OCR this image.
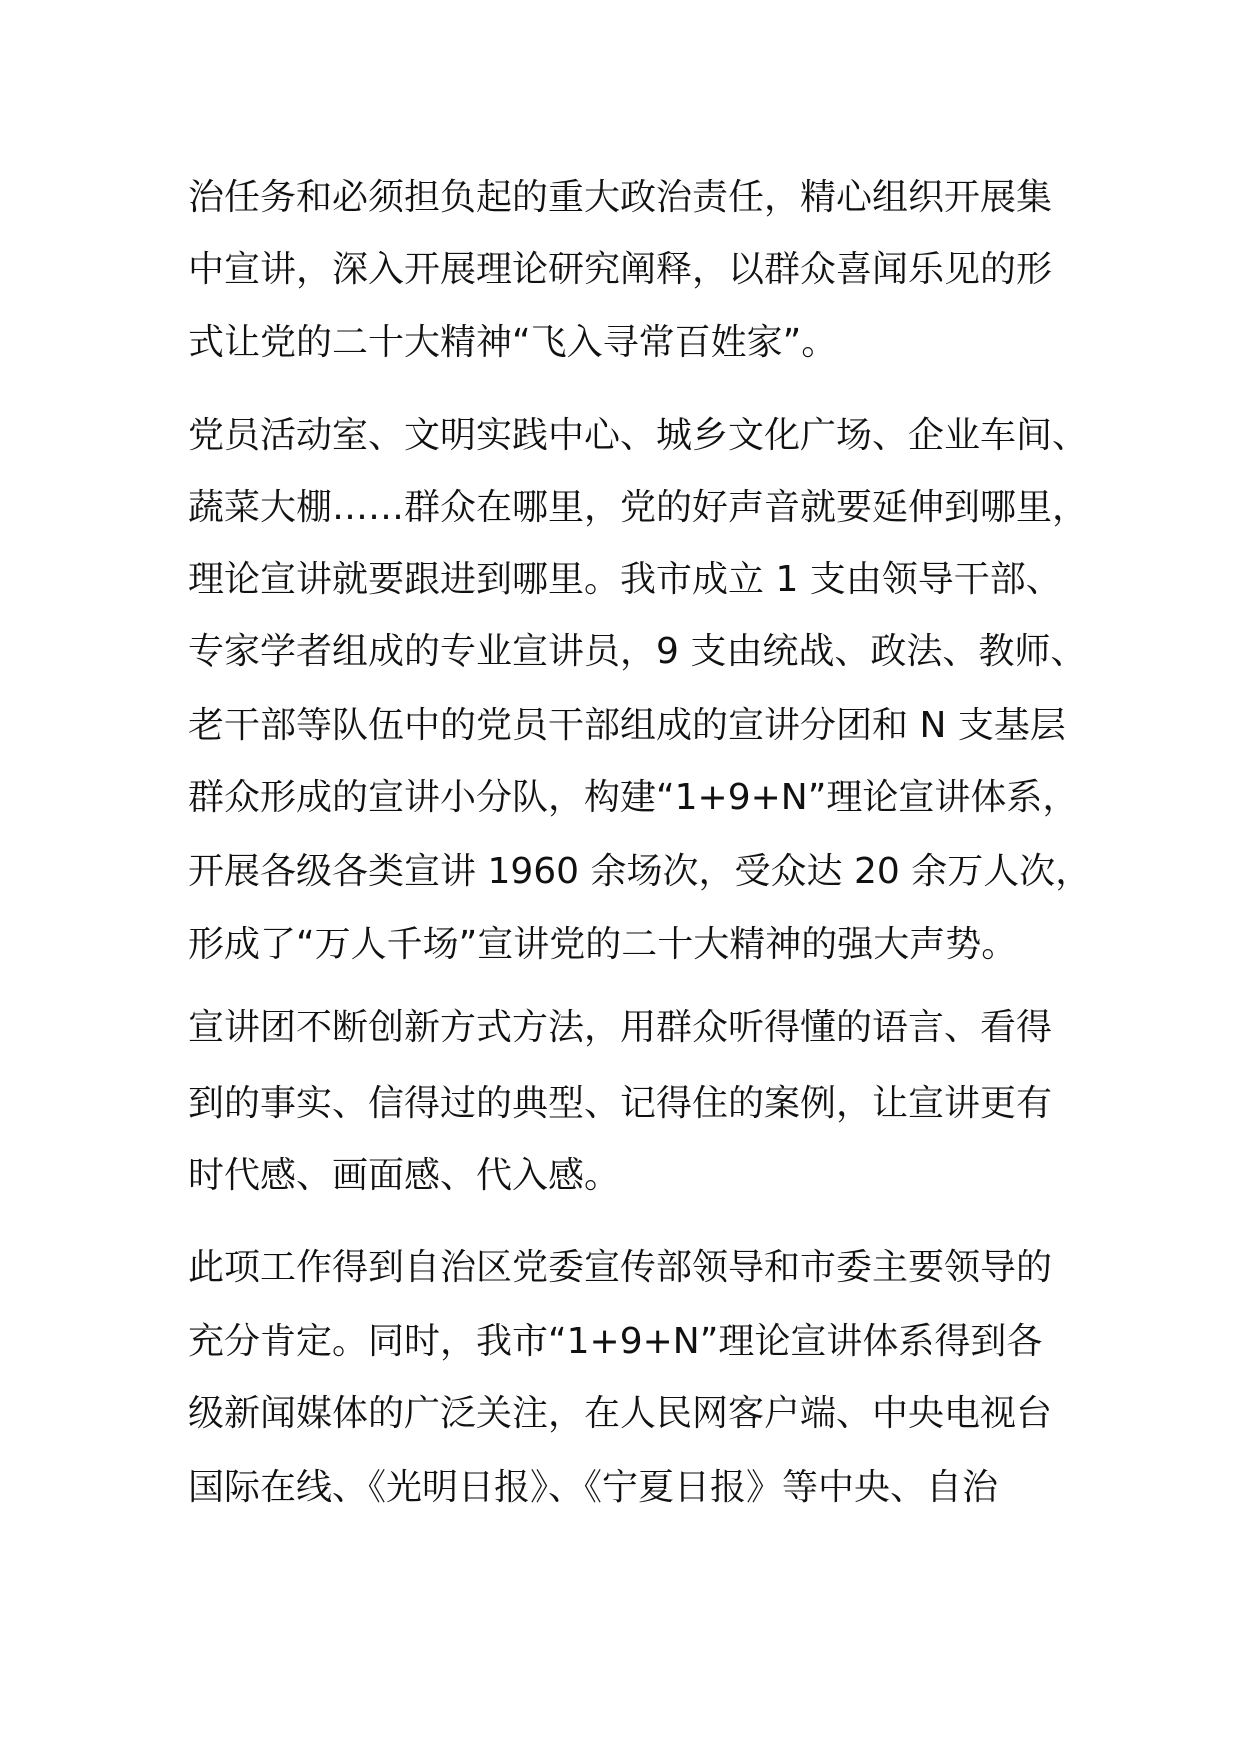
治任务和必须担负起的重大政治责任，精心组织开展集

中宣讲，深入开展理论研究阐释，以群众喜闻乐见的形

式让党的二十大精神“飞入寻常百姓家”。

党员活动室、文明实践中心、城乡文化广场、企业车间、

蔬菜大棚……群众在哪里，党的好声音就要延伸到哪里，

理论宣讲就要跟进到哪里。我市成立 1 支由领导干部、

专家学者组成的专业宣讲员，9 支由统战、政法、教师、

老干部等队伍中的党员干部组成的宣讲分团和 N 支基层

群众形成的宣讲小分队，构建“1+9+N”理论宣讲体系，

开展各级各类宣讲 1960 余场次，受众达 20 余万人次，

形成了“万人千场”宣讲党的二十大精神的强大声势。

宣讲团不断创新方式方法，用群众听得懂的语言、看得

到的事实、信得过的典型、记得住的案例，让宣讲更有

时代感、画面感、代入感。

此项工作得到自治区党委宣传部领导和市委主要领导的

充分肯定。同时，我市“1+9+N”理论宣讲体系得到各

级新闻媒体的广泛关注，在人民网客户端、中央电视台

国际在线、《光明日报》、《宁夏日报》等中央、自治
